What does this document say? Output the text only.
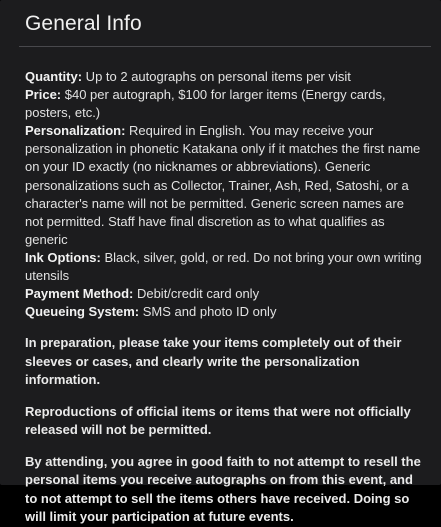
General Info

Quantity: Up to 2 autographs on personal items per visit

Price: $40 per autograph, $100 for larger items (Energy cards, posters, etc.)

Personalization: Required in English. You may receive your personalization in phonetic Katakana only if it matches the first name on your ID exactly (no nicknames or abbreviations). Generic personalizations such as Collector, Trainer, Ash, Red, Satoshi, or a character's name will not be permitted. Generic screen names are not permitted. Staff have final discretion as to what qualifies as generic

Ink Options: Black, silver, gold, or red. Do not bring your own writing utensils

Payment Method: Debit/credit card only

Queueing System: SMS and photo ID only

In preparation, please take your items completely out of their sleeves or cases, and clearly write the personalization information.

Reproductions of official items or items that were not officially released will not be permitted.

By attending, you agree in good faith to not attempt to resell the personal items you receive autographs on from this event, and to not attempt to sell the items others have received. Doing so will limit your participation at future events.
